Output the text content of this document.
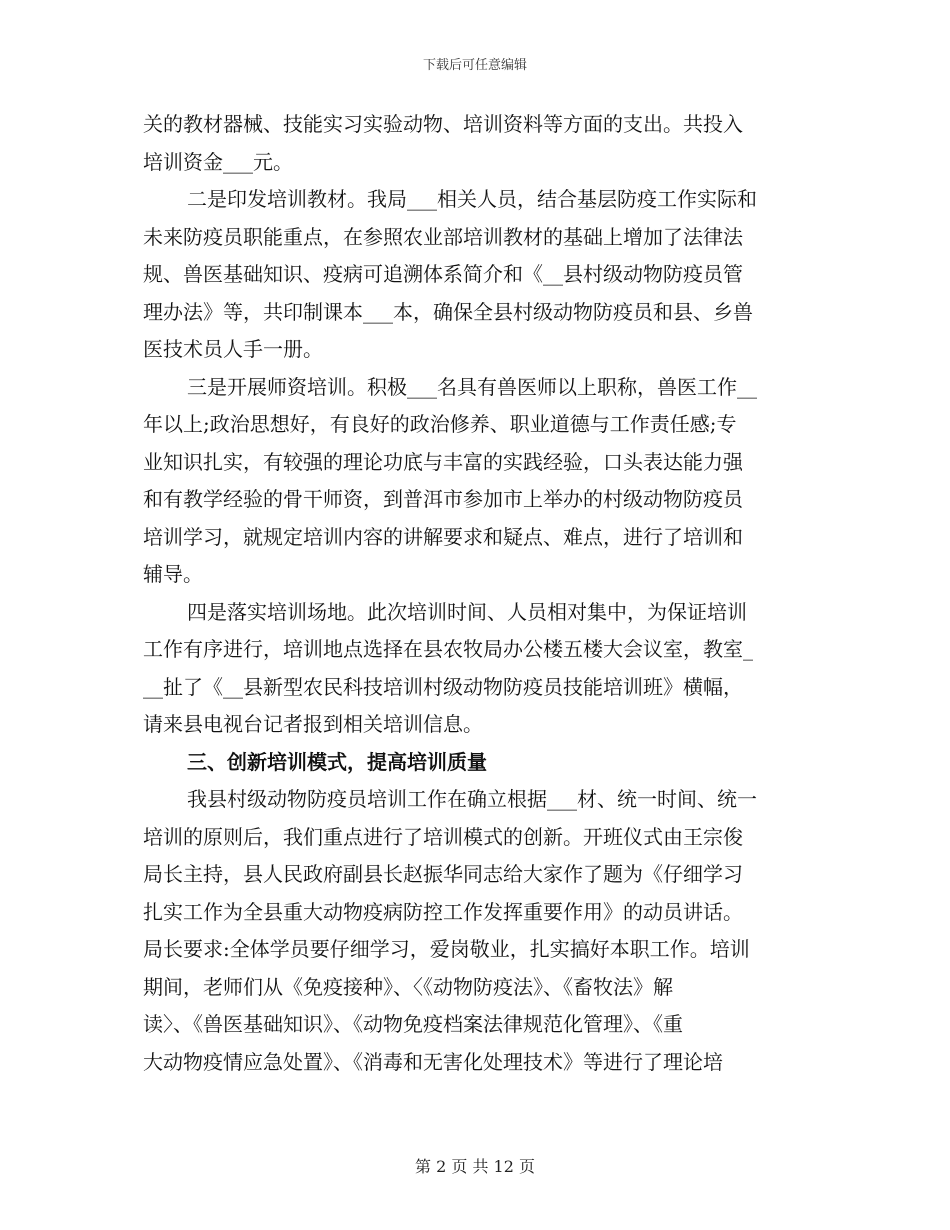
下载后可任意编辑
关的教材器械、技能实习实验动物、培训资料等方面的支出。共投入
培训资金___元。
二是印发培训教材。我局___相关人员，结合基层防疫工作实际和
未来防疫员职能重点，在参照农业部培训教材的基础上增加了法律法
规、兽医基础知识、疫病可追溯体系简介和《__县村级动物防疫员管
理办法》等，共印制课本___本，确保全县村级动物防疫员和县、乡兽
医技术员人手一册。
三是开展师资培训。积极___名具有兽医师以上职称，兽医工作__
年以上;政治思想好，有良好的政治修养、职业道德与工作责任感;专
业知识扎实，有较强的理论功底与丰富的实践经验，口头表达能力强
和有教学经验的骨干师资，到普洱市参加市上举办的村级动物防疫员
培训学习，就规定培训内容的讲解要求和疑点、难点，进行了培训和
辅导。
四是落实培训场地。此次培训时间、人员相对集中，为保证培训
工作有序进行，培训地点选择在县农牧局办公楼五楼大会议室，教室_
__扯了《__县新型农民科技培训村级动物防疫员技能培训班》横幅，
请来县电视台记者报到相关培训信息。
三、创新培训模式，提高培训质量
我县村级动物防疫员培训工作在确立根据___材、统一时间、统一
培训的原则后，我们重点进行了培训模式的创新。开班仪式由王宗俊
局长主持，县人民政府副县长赵振华同志给大家作了题为《仔细学习
扎实工作为全县重大动物疫病防控工作发挥重要作用》的动员讲话。
局长要求:全体学员要仔细学习，爱岗敬业，扎实搞好本职工作。培训
期间，老师们从《免疫接种》、〈《动物防疫法》、《畜牧法》解
读〉、《兽医基础知识》、《动物免疫档案法律规范化管理》、《重
大动物疫情应急处置》、《消毒和无害化处理技术》等进行了理论培
第 2 页 共 12 页
